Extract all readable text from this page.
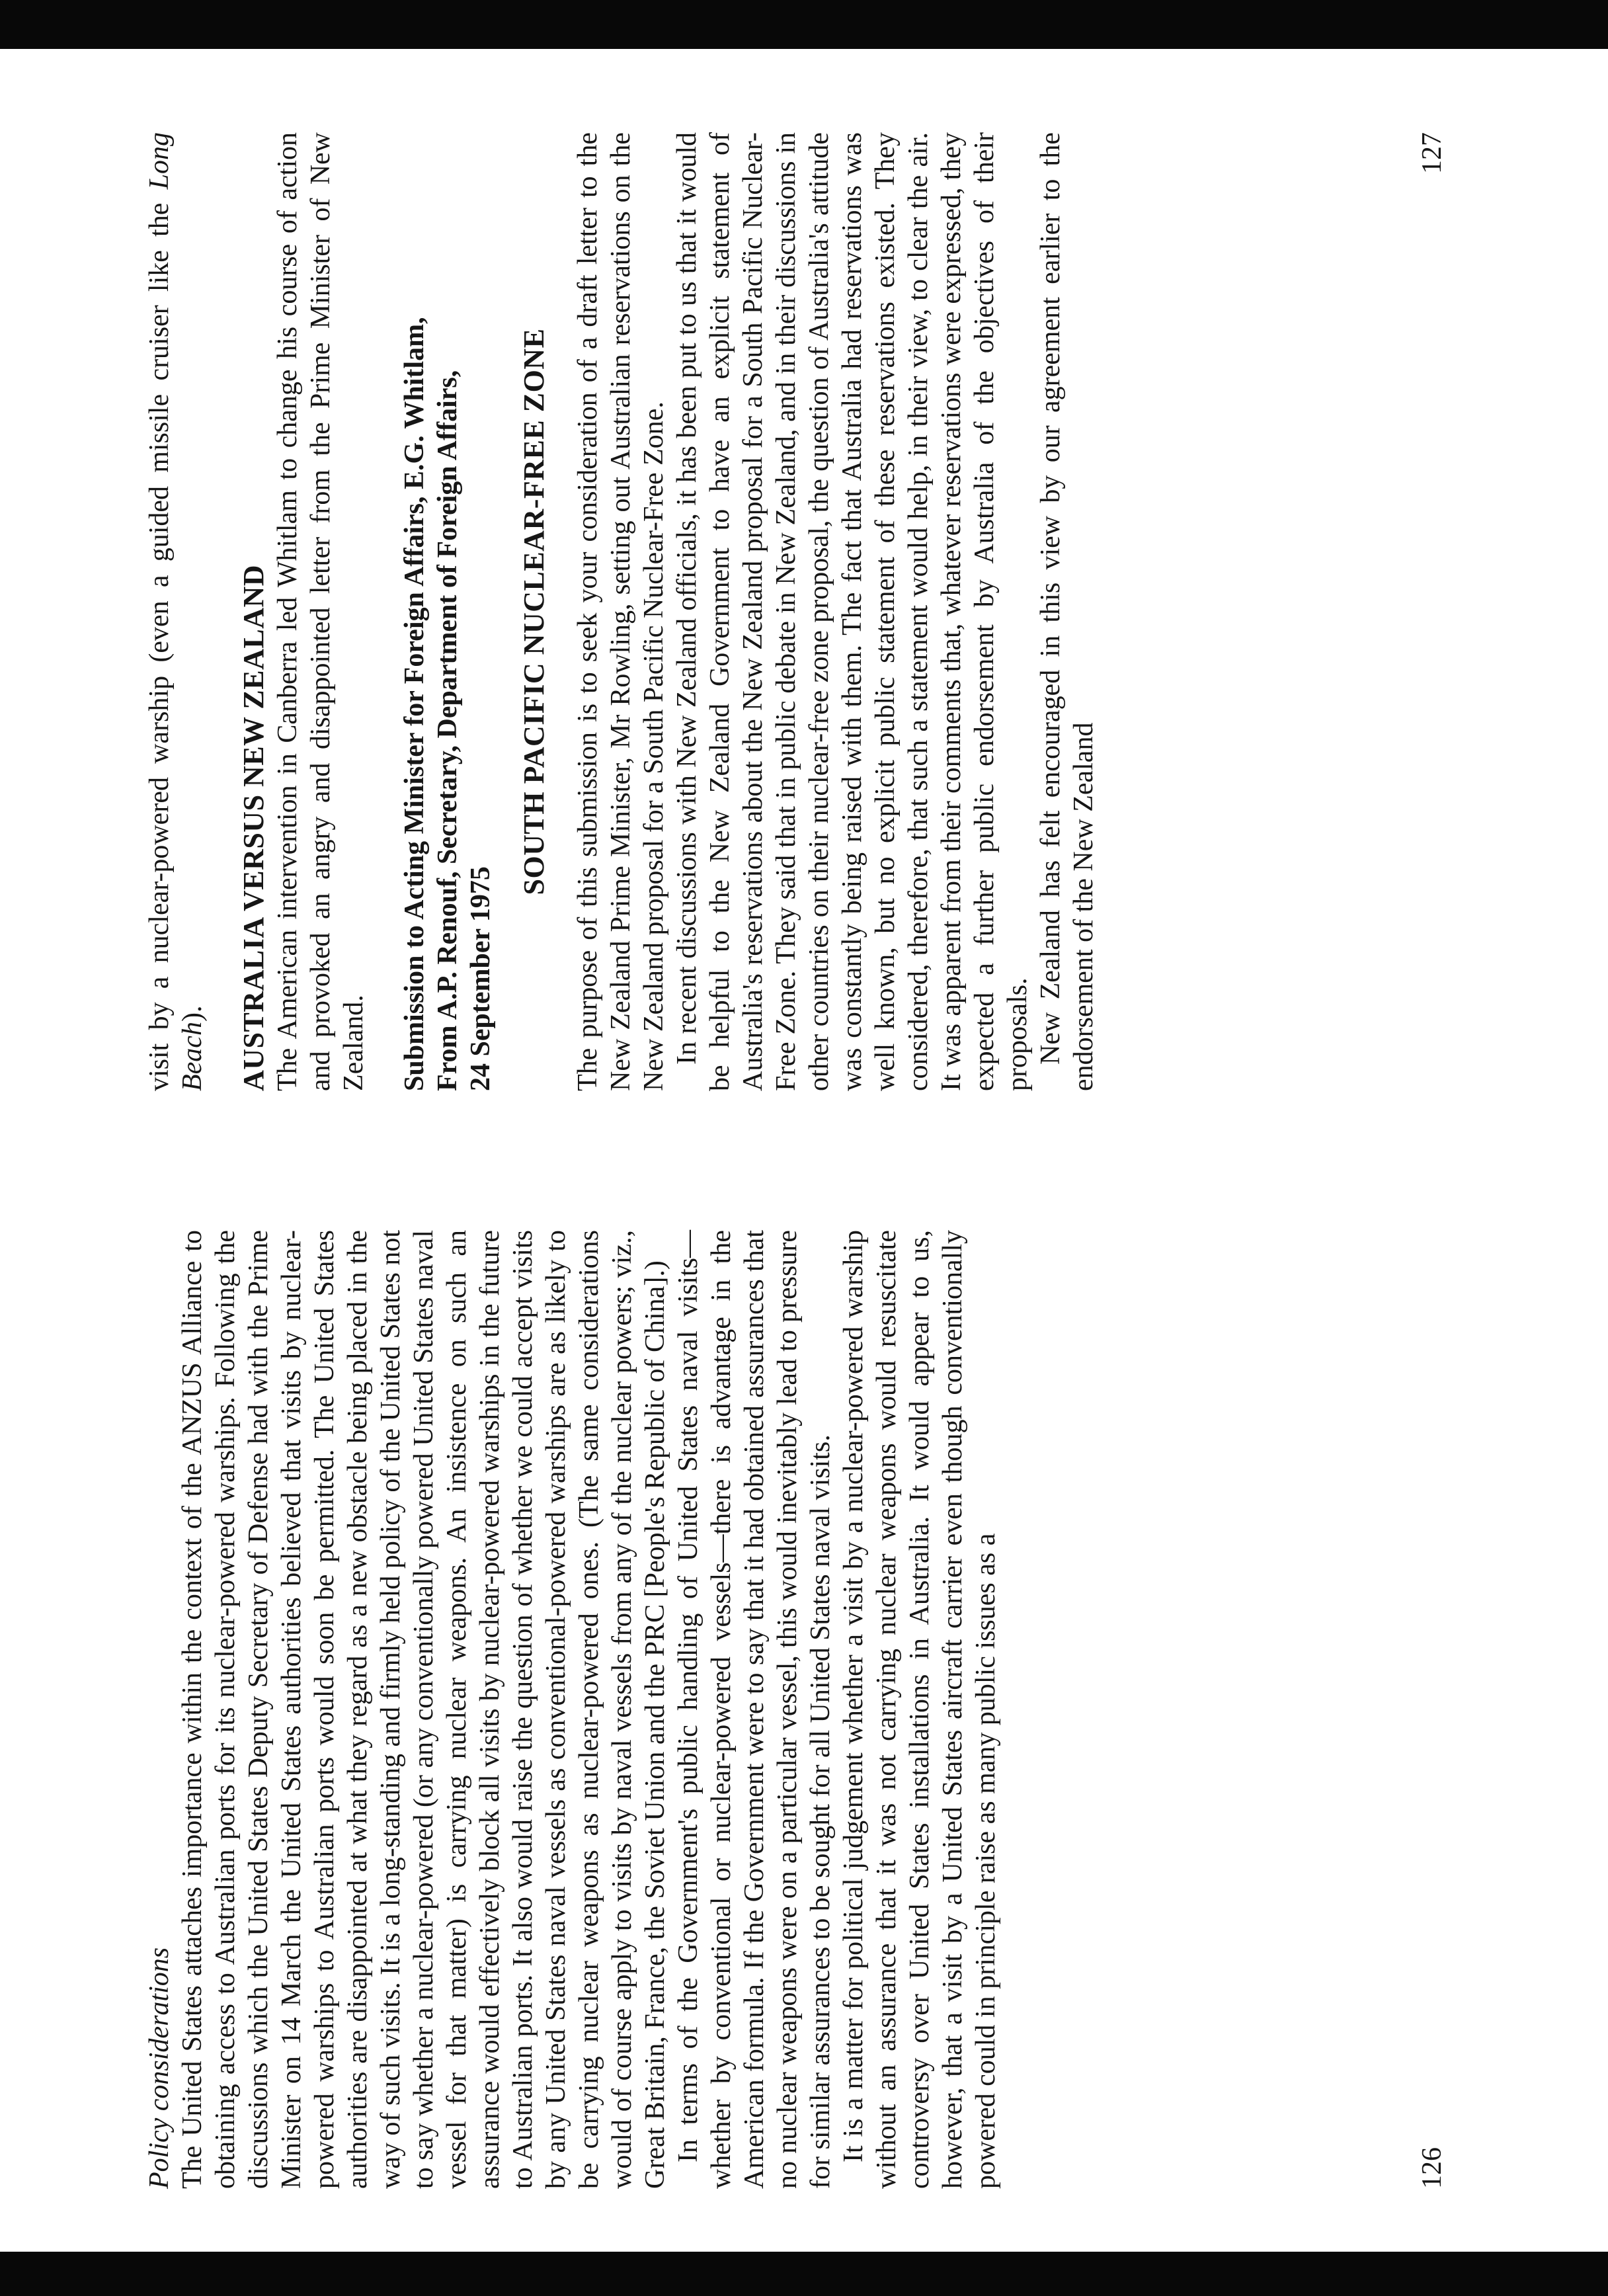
Policy considerations The United States attaches importance within the context of the ANZUS Alliance to obtaining access to Australian ports for its nuclear-powered warships. Following the discussions which the United States Deputy Secretary of Defense had with the Prime Minister on 14 March the United States authorities believed that visits by nuclear-powered warships to Australian ports would soon be permitted. The United States authorities are disappointed at what they regard as a new obstacle being placed in the way of such visits. It is a long-standing and firmly held policy of the United States not to say whether a nuclear-powered (or any conventionally powered United States naval vessel for that matter) is carrying nuclear weapons. An insistence on such an assurance would effectively block all visits by nuclear-powered warships in the future to Australian ports. It also would raise the question of whether we could accept visits by any United States naval vessels as conventional-powered warships are as likely to be carrying nuclear weapons as nuclear-powered ones. (The same considerations would of course apply to visits by naval vessels from any of the nuclear powers; viz., Great Britain, France, the Soviet Union and the PRC [People's Republic of China].) In terms of the Government's public handling of United States naval visits—whether by conventional or nuclear-powered vessels—there is advantage in the American formula. If the Government were to say that it had obtained assurances that no nuclear weapons were on a particular vessel, this would inevitably lead to pressure for similar assurances to be sought for all United States naval visits. It is a matter for political judgement whether a visit by a nuclear-powered warship without an assurance that it was not carrying nuclear weapons would resuscitate controversy over United States installations in Australia. It would appear to us, however, that a visit by a United States aircraft carrier even though conventionally powered could in principle raise as many public issues as a	126

visit by a nuclear-powered warship (even a guided missile cruiser like the Long Beach). AUSTRALIA VERSUS NEW ZEALAND The American intervention in Canberra led Whitlam to change his course of action and provoked an angry and disappointed letter from the Prime Minister of New Zealand. Submission to Acting Minister for Foreign Affairs, E.G. Whitlam, From A.P. Renouf, Secretary, Department of Foreign Affairs, 24 September 1975

SOUTH PACIFIC NUCLEAR-FREE ZONE The purpose of this submission is to seek your consideration of a draft letter to the New Zealand Prime Minister, Mr Rowling, setting out Australian reservations on the New Zealand proposal for a South Pacific Nuclear-Free Zone. In recent discussions with New Zealand officials, it has been put to us that it would be helpful to the New Zealand Government to have an explicit statement of Australia's reservations about the New Zealand proposal for a South Pacific Nuclear-Free Zone. They said that in public debate in New Zealand, and in their discussions in other countries on their nuclear-free zone proposal, the question of Australia's attitude was constantly being raised with them. The fact that Australia had reservations was well known, but no explicit public statement of these reservations existed. They considered, therefore, that such a statement would help, in their view, to clear the air. It was apparent from their comments that, whatever reservations were expressed, they expected a further public endorsement by Australia of the objectives of their proposals. New Zealand has felt encouraged in this view by our agreement earlier to the endorsement of the New Zealand

127
